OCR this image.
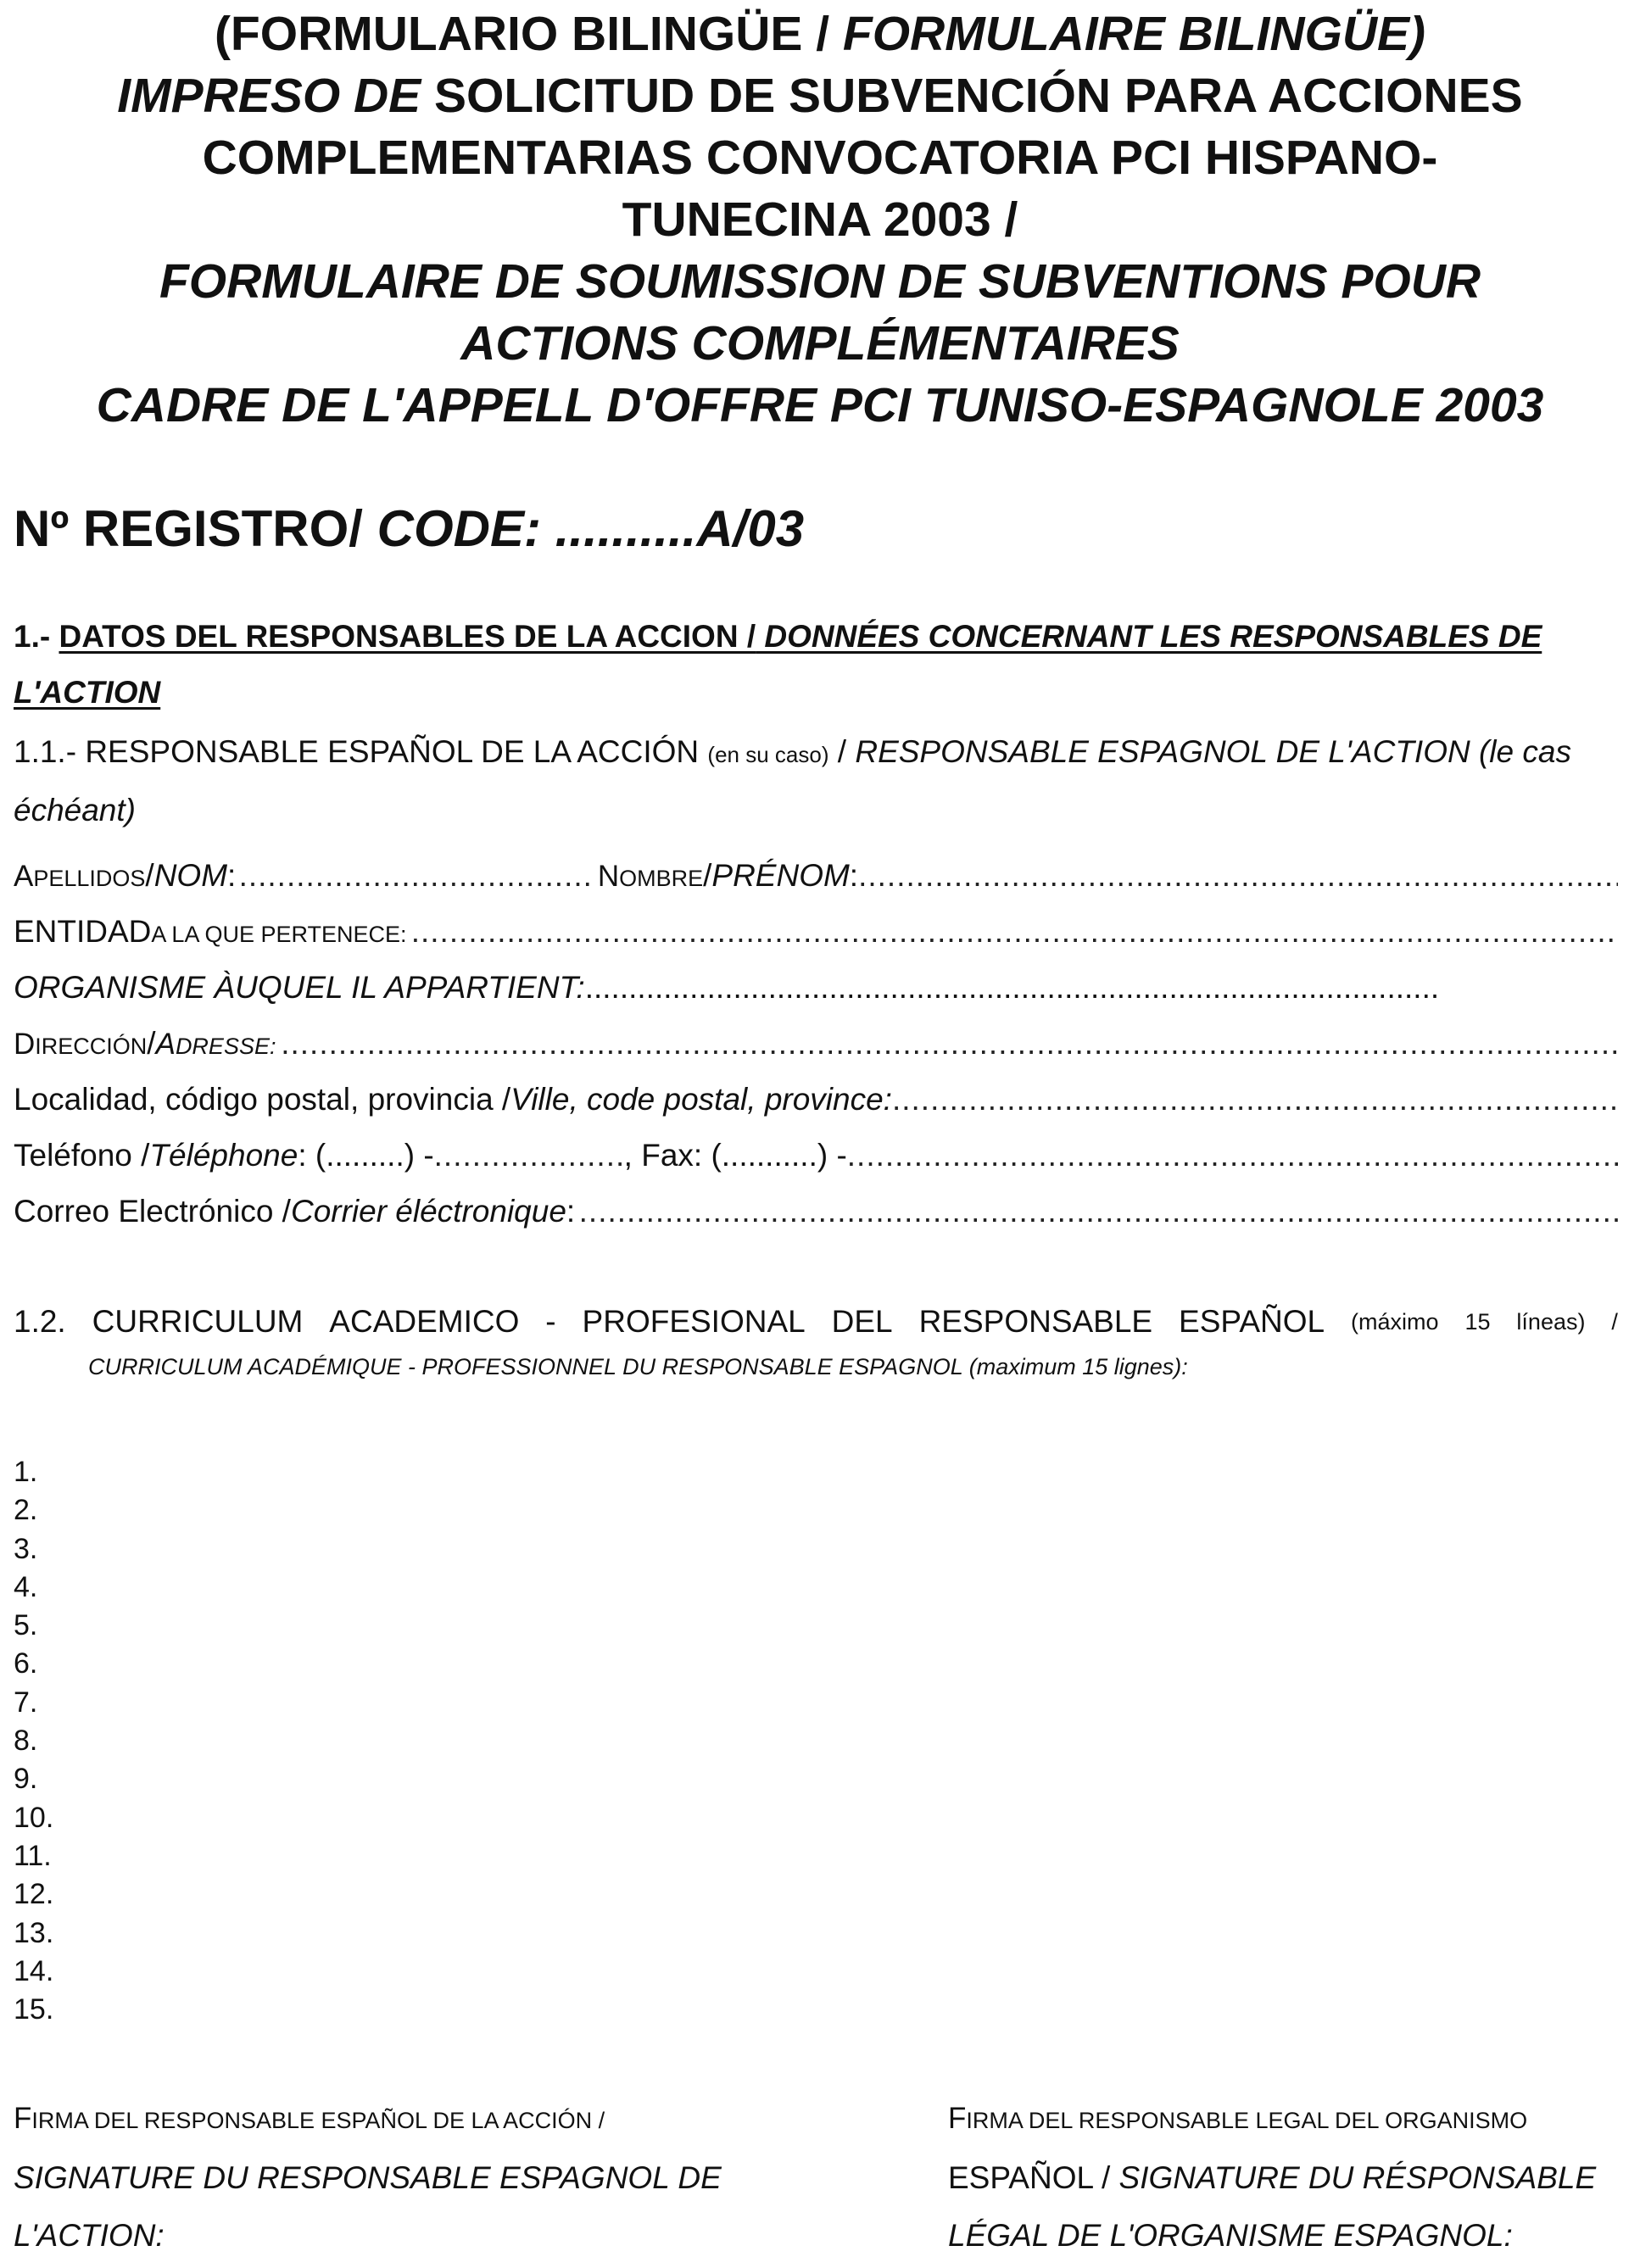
(FORMULARIO BILINGÜE / FORMULAIRE BILINGÜE)
IMPRESO DE SOLICITUD DE SUBVENCIÓN PARA ACCIONES
COMPLEMENTARIAS CONVOCATORIA PCI HISPANO-
TUNECINA 2003 /
FORMULAIRE DE SOUMISSION DE SUBVENTIONS POUR
ACTIONS COMPLÉMENTAIRES
CADRE DE L'APPELL D'OFFRE PCI TUNISO-ESPAGNOLE 2003
Nº REGISTRO/ CODE: ..........A/03
1.- DATOS DEL RESPONSABLES DE LA ACCION / DONNÉES CONCERNANT LES RESPONSABLES DE L'ACTION
1.1.- RESPONSABLE ESPAÑOL DE LA ACCIÓN (en su caso) / RESPONSABLE ESPAGNOL DE L'ACTION (le cas échéant)
A PELLIDOS / NOM : .....	N OMBRE / PRÉNOM :
.....
ENTIDAD A LA QUE PERTENECE:
.....
ORGANISME ÀUQUEL IL APPARTIENT: ..................................................................................................
D IRECCIÓN / A DRESSE:
.....
Localidad, código postal, provincia / Ville, code postal, province:
.....
Teléfono / Téléphone : (.........) - .....	, Fax: (...........) -
.....
Correo Electrónico / Corrier éléctronique :
.....
1.2. CURRICULUM ACADEMICO - PROFESIONAL DEL RESPONSABLE ESPAÑOL (máximo 15 líneas) /
CURRICULUM ACADÉMIQUE - PROFESSIONNEL DU RESPONSABLE ESPAGNOL (maximum 15 lignes):
1.
2.
3.
4.
5.
6.
7.
8.
9.
10.
11.
12.
13.
14.
15.
FIRMA DEL RESPONSABLE ESPAÑOL DE LA ACCIÓN /
SIGNATURE DU RESPONSABLE ESPAGNOL DE
L'ACTION:
FIRMA DEL RESPONSABLE LEGAL DEL ORGANISMO
ESPAÑOL / SIGNATURE DU RÉSPONSABLE
LÉGAL DE L'ORGANISME ESPAGNOL:
